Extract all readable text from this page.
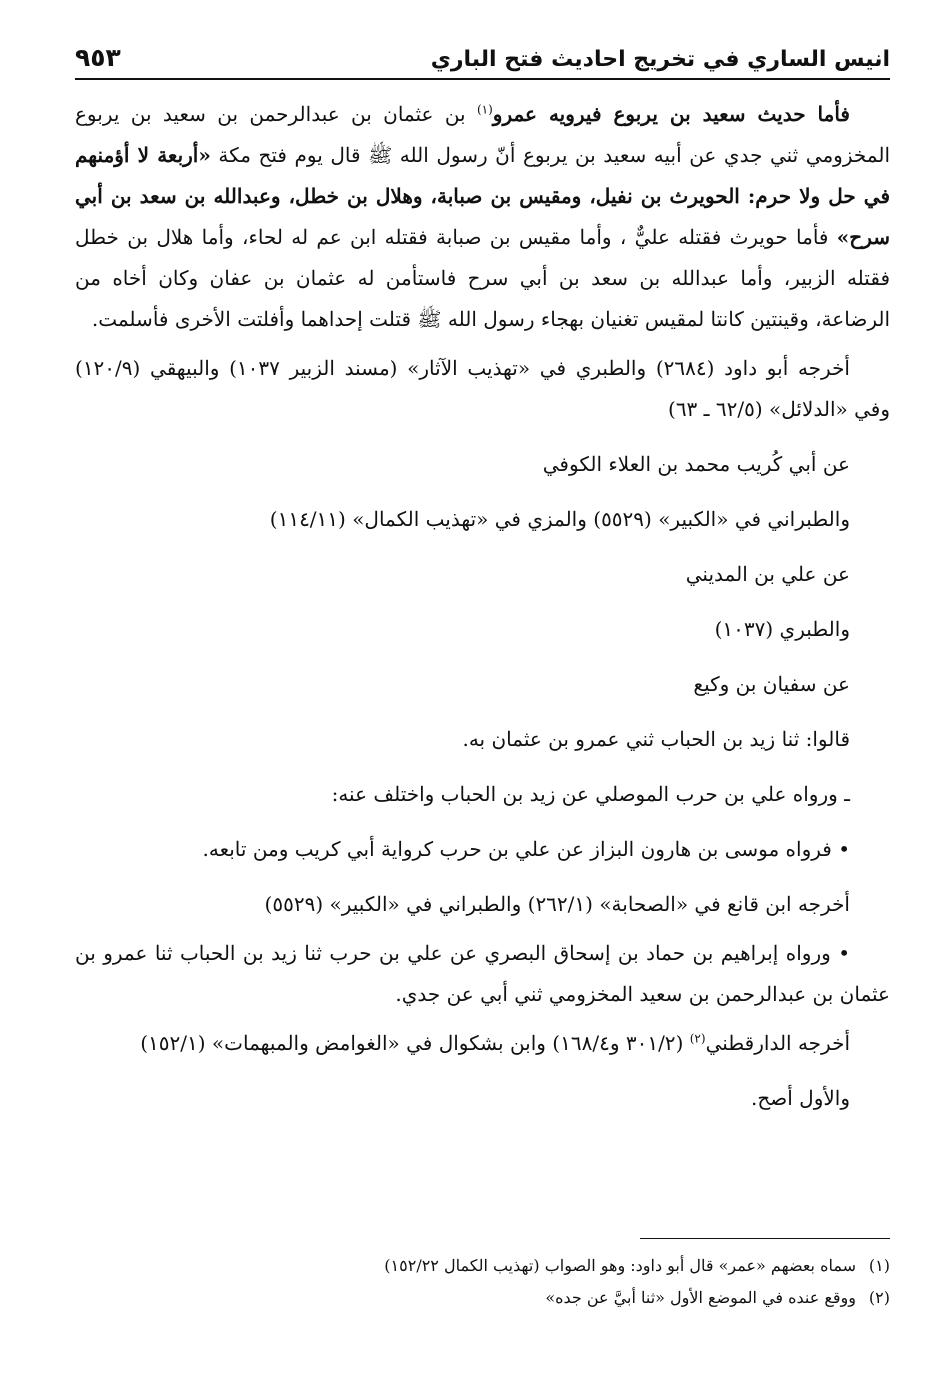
٩٥٣	انيس الساري في تخريج احاديث فتح الباري

فأما حديث سعيد بن يربوع فيرويه عمرو$^{(١)}$ بن عثمان بن عبدالرحمن بن سعيد بن يربوع المخزومي ثني جدي عن أبيه سعيد بن يربوع أنّ رسول الله ﷺ قال يوم فتح مكة «أربعة لا أؤمنهم في حل ولا حرم: الحويرث بن نفيل، ومقيس بن صبابة، وهلال بن خطل، وعبدالله بن سعد بن أبي سرح» فأما حويرث فقتله عليٌّ ، وأما مقيس بن صبابة فقتله ابن عم له لحاء، وأما هلال بن خطل فقتله الزبير، وأما عبدالله بن سعد بن أبي سرح فاستأمن له عثمان بن عفان وكان أخاه من الرضاعة، وقينتين كانتا لمقيس تغنيان بهجاء رسول الله ﷺ قتلت إحداهما وأفلتت الأخرى فأسلمت.

أخرجه أبو داود (٢٦٨٤) والطبري في «تهذيب الآثار» (مسند الزبير ١٠٣٧) والبيهقي (١٢٠/٩) وفي «الدلائل» (٦٢/٥ ـ ٦٣)

عن أبي كُريب محمد بن العلاء الكوفي

والطبراني في «الكبير» (٥٥٢٩) والمزي في «تهذيب الكمال» (١١٤/١١)

عن علي بن المديني

والطبري (١٠٣٧)

عن سفيان بن وكيع

قالوا: ثنا زيد بن الحباب ثني عمرو بن عثمان به.

ـ ورواه علي بن حرب الموصلي عن زيد بن الحباب واختلف عنه:

• فرواه موسى بن هارون البزاز عن علي بن حرب كرواية أبي كريب ومن تابعه.

أخرجه ابن قانع في «الصحابة» (٢٦٢/١) والطبراني في «الكبير» (٥٥٢٩)

• ورواه إبراهيم بن حماد بن إسحاق البصري عن علي بن حرب ثنا زيد بن الحباب ثنا عمرو بن عثمان بن عبدالرحمن بن سعيد المخزومي ثني أبي عن جدي.

أخرجه الدارقطني$^{(٢)}$ (٣٠١/٢ و١٦٨/٤) وابن بشكوال في «الغوامض والمبهمات» (١٥٢/١)

والأول أصح.

(١)سماه بعضهم «عمر» قال أبو داود: وهو الصواب (تهذيب الكمال ١٥٢/٢٢)
(٢)ووقع عنده في الموضع الأول «ثنا أبيَّ عن جده»
